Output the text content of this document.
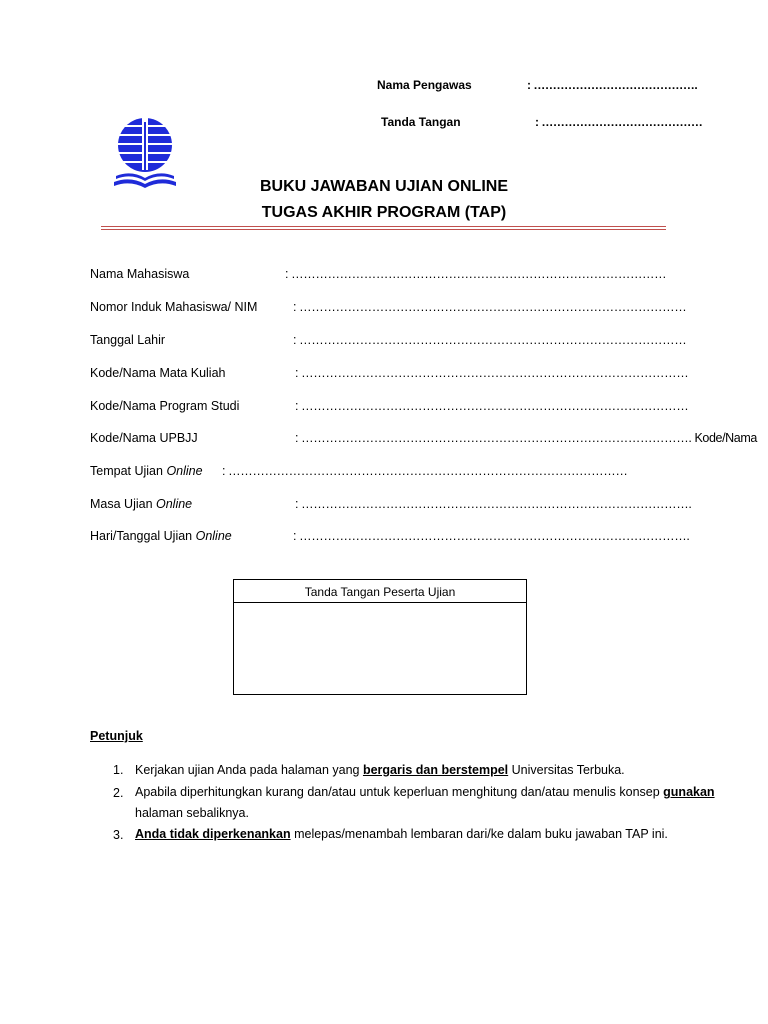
Nama Pengawas	: …………………………………….
Tanda Tangan	: ……………………………………
BUKU JAWABAN UJIAN ONLINE
TUGAS AKHIR PROGRAM (TAP)
Nama Mahasiswa	: …………………………………………………………………………………
Nomor Induk Mahasiswa/ NIM	: ……………………………………………………………………………………
Tanggal Lahir	: ……………………………………………………………………………………
Kode/Nama Mata Kuliah	: ……………………………………………………………………………………
Kode/Nama Program Studi	: ……………………………………………………………………………………
Kode/Nama UPBJJ	: ……………………………………………………………………………………. Kode/Nama
Tempat Ujian Online : ………………………………………………………………………………………
Masa Ujian Online	: …………………………………………………………………………………….
Hari/Tanggal Ujian Online	: …………………………………………………………………………………….
Tanda Tangan Peserta Ujian
Petunjuk
1. Kerjakan ujian Anda pada halaman yang bergaris dan berstempel Universitas Terbuka.
2. Apabila diperhitungkan kurang dan/atau untuk keperluan menghitung dan/atau menulis konsep gunakan halaman sebaliknya.
3. Anda tidak diperkenankan melepas/menambah lembaran dari/ke dalam buku jawaban TAP ini.
